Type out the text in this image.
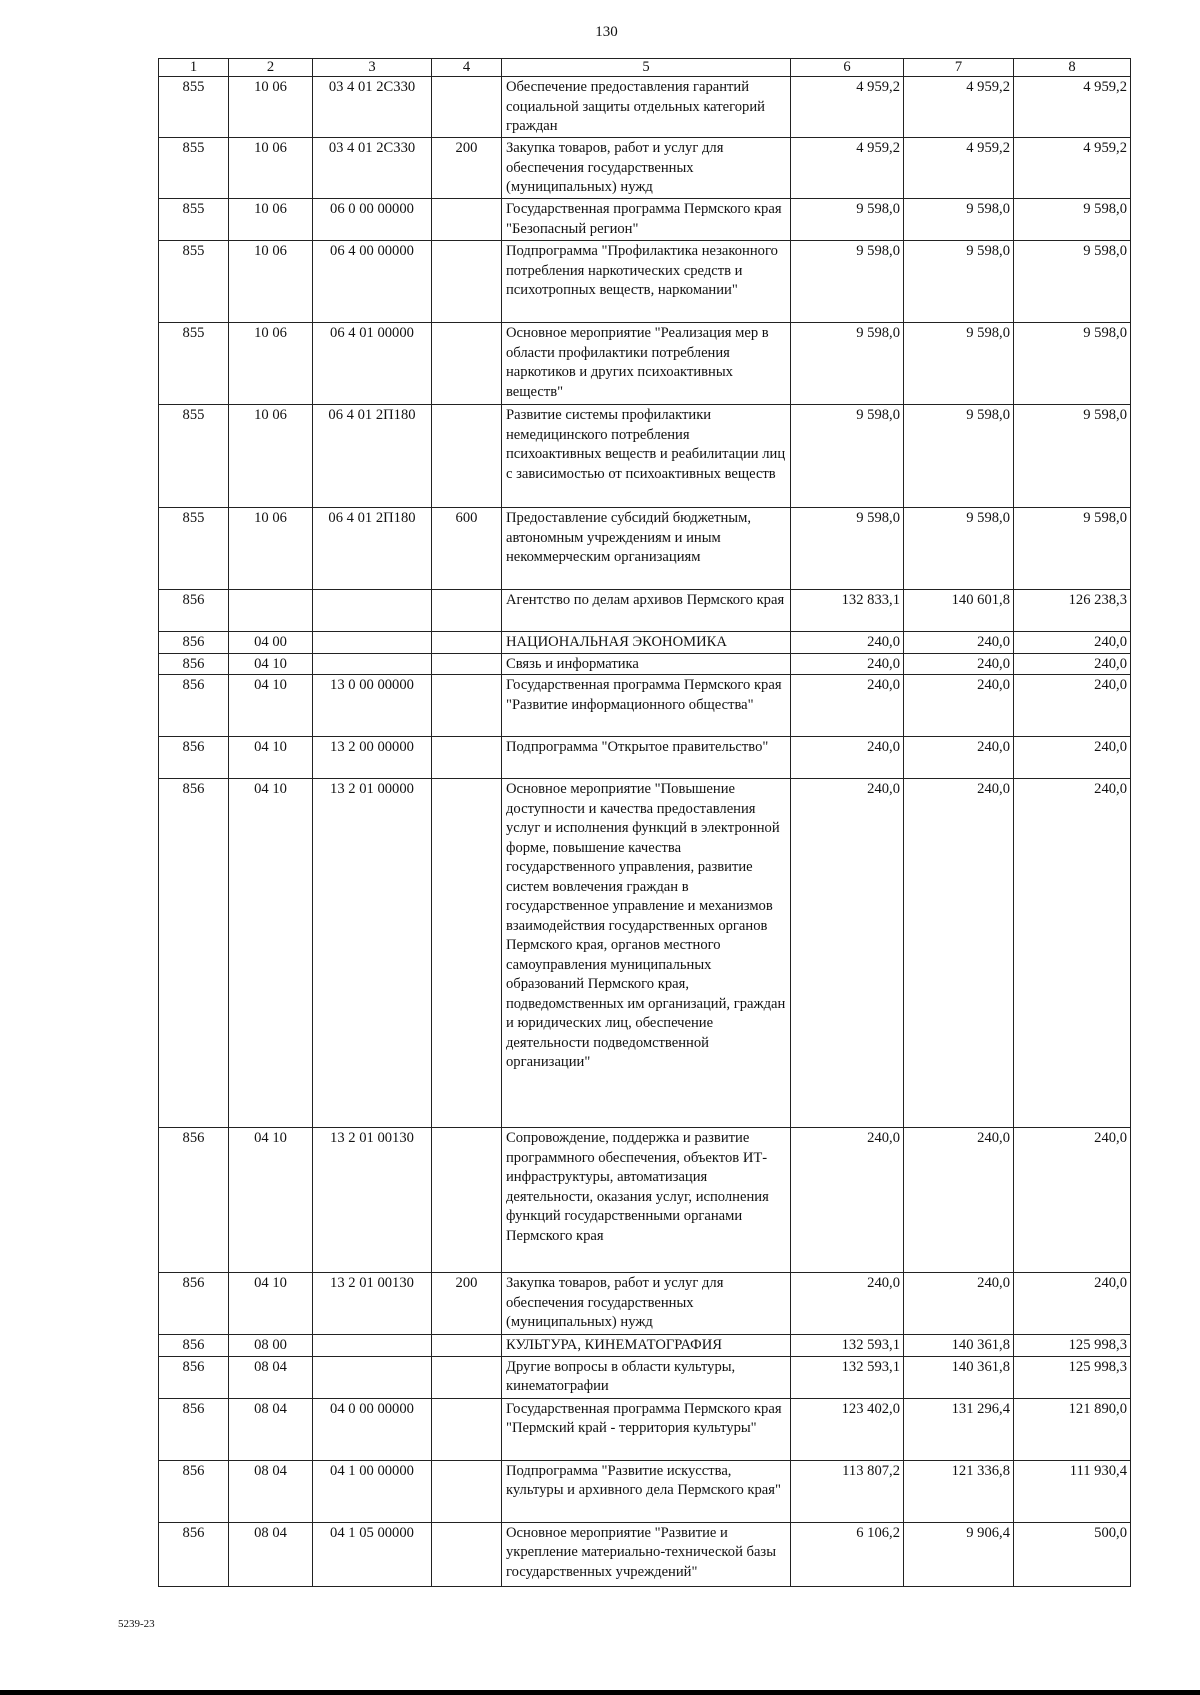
130
1	2	3	4	5	6	7	8
855	10 06	03 4 01 2С330		Обеспечение предоставления гарантий социальной защиты отдельных категорий граждан	4 959,2	4 959,2	4 959,2
855	10 06	03 4 01 2С330	200	Закупка товаров, работ и услуг для обеспечения государственных (муниципальных) нужд	4 959,2	4 959,2	4 959,2
855	10 06	06 0 00 00000		Государственная программа Пермского края "Безопасный регион"	9 598,0	9 598,0	9 598,0
855	10 06	06 4 00 00000		Подпрограмма "Профилактика незаконного потребления наркотических средств и психотропных веществ, наркомании"	9 598,0	9 598,0	9 598,0
855	10 06	06 4 01 00000		Основное мероприятие "Реализация мер в области профилактики потребления наркотиков и других психоактивных веществ"	9 598,0	9 598,0	9 598,0
855	10 06	06 4 01 2П180		Развитие системы профилактики немедицинского потребления психоактивных веществ и реабилитации лиц с зависимостью от психоактивных веществ	9 598,0	9 598,0	9 598,0
855	10 06	06 4 01 2П180	600	Предоставление субсидий бюджетным, автономным учреждениям и иным некоммерческим организациям	9 598,0	9 598,0	9 598,0
856				Агентство по делам архивов Пермского края	132 833,1	140 601,8	126 238,3
856	04 00			НАЦИОНАЛЬНАЯ ЭКОНОМИКА	240,0	240,0	240,0
856	04 10			Связь и информатика	240,0	240,0	240,0
856	04 10	13 0 00 00000		Государственная программа Пермского края "Развитие информационного общества"	240,0	240,0	240,0
856	04 10	13 2 00 00000		Подпрограмма "Открытое правительство"	240,0	240,0	240,0
856	04 10	13 2 01 00000		Основное мероприятие "Повышение доступности и качества предоставления услуг и исполнения функций в электронной форме, повышение качества государственного управления, развитие систем вовлечения граждан в государственное управление и механизмов взаимодействия государственных органов Пермского края, органов местного самоуправления муниципальных образований Пермского края, подведомственных им организаций, граждан и юридических лиц, обеспечение деятельности подведомственной организации"	240,0	240,0	240,0
856	04 10	13 2 01 00130		Сопровождение, поддержка и развитие программного обеспечения, объектов ИТ-инфраструктуры, автоматизация деятельности, оказания услуг, исполнения функций государственными органами Пермского края	240,0	240,0	240,0
856	04 10	13 2 01 00130	200	Закупка товаров, работ и услуг для обеспечения государственных (муниципальных) нужд	240,0	240,0	240,0
856	08 00			КУЛЬТУРА, КИНЕМАТОГРАФИЯ	132 593,1	140 361,8	125 998,3
856	08 04			Другие вопросы в области культуры, кинематографии	132 593,1	140 361,8	125 998,3
856	08 04	04 0 00 00000		Государственная программа Пермского края "Пермский край - территория культуры"	123 402,0	131 296,4	121 890,0
856	08 04	04 1 00 00000		Подпрограмма "Развитие искусства, культуры и архивного дела Пермского края"	113 807,2	121 336,8	111 930,4
856	08 04	04 1 05 00000		Основное мероприятие "Развитие и укрепление материально-технической базы государственных учреждений"	6 106,2	9 906,4	500,0
5239-23
